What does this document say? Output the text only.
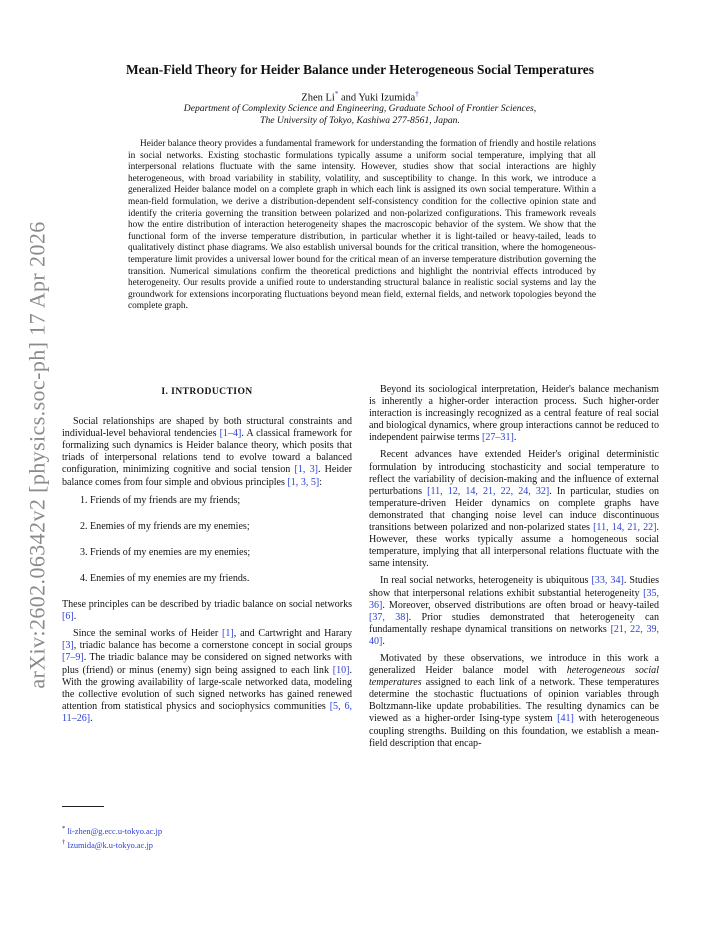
arXiv:2602.06342v2 [physics.soc-ph] 17 Apr 2026
Mean-Field Theory for Heider Balance under Heterogeneous Social Temperatures
Zhen Li* and Yuki Izumida†
Department of Complexity Science and Engineering, Graduate School of Frontier Sciences,
The University of Tokyo, Kashiwa 277-8561, Japan.

Heider balance theory provides a fundamental framework for understanding the formation of friendly and hostile relations in social networks. Existing stochastic formulations typically assume a uniform social temperature, implying that all interpersonal relations fluctuate with the same intensity. However, studies show that social interactions are highly heterogeneous, with broad variability in stability, volatility, and susceptibility to change. In this work, we introduce a generalized Heider balance model on a complete graph in which each link is assigned its own social temperature. Within a mean-field formulation, we derive a distribution-dependent self-consistency condition for the collective opinion state and identify the criteria governing the transition between polarized and non-polarized configurations. This framework reveals how the entire distribution of interaction heterogeneity shapes the macroscopic behavior of the system. We show that the functional form of the inverse temperature distribution, in particular whether it is light-tailed or heavy-tailed, leads to qualitatively distinct phase diagrams. We also establish universal bounds for the critical transition, where the homogeneous-temperature limit provides a universal lower bound for the critical mean of an inverse temperature distribution governing the transition. Numerical simulations confirm the theoretical predictions and highlight the nontrivial effects introduced by heterogeneity. Our results provide a unified route to understanding structural balance in realistic social systems and lay the groundwork for extensions incorporating fluctuations beyond mean field, external fields, and network topologies beyond the complete graph.

I. INTRODUCTION

Social relationships are shaped by both structural constraints and individual-level behavioral tendencies [1–4]. A classical framework for formalizing such dynamics is Heider balance theory, which posits that triads of interpersonal relations tend to evolve toward a balanced configuration, minimizing cognitive and social tension [1, 3]. Heider balance comes from four simple and obvious principles [1, 3, 5]:

1. Friends of my friends are my friends;
2. Enemies of my friends are my enemies;
3. Friends of my enemies are my enemies;
4. Enemies of my enemies are my friends.

These principles can be described by triadic balance on social networks [6].

Since the seminal works of Heider [1], and Cartwright and Harary [3], triadic balance has become a cornerstone concept in social groups [7–9]. The triadic balance may be considered on signed networks with plus (friend) or minus (enemy) sign being assigned to each link [10]. With the growing availability of large-scale networked data, modeling the collective evolution of such signed networks has gained renewed attention from statistical physics and sociophysics communities [5, 6, 11–26].

Beyond its sociological interpretation, Heider's balance mechanism is inherently a higher-order interaction process. Such higher-order interaction is increasingly recognized as a central feature of real social and biological dynamics, where group interactions cannot be reduced to independent pairwise terms [27–31].

Recent advances have extended Heider's original deterministic formulation by introducing stochasticity and social temperature to reflect the variability of decision-making and the influence of external perturbations [11, 12, 14, 21, 22, 24, 32]. In particular, studies on temperature-driven Heider dynamics on complete graphs have demonstrated that changing noise level can induce discontinuous transitions between polarized and non-polarized states [11, 14, 21, 22]. However, these works typically assume a homogeneous social temperature, implying that all interpersonal relations fluctuate with the same intensity.

In real social networks, heterogeneity is ubiquitous [33, 34]. Studies show that interpersonal relations exhibit substantial heterogeneity [35, 36]. Moreover, observed distributions are often broad or heavy-tailed [37, 38]. Prior studies demonstrated that heterogeneity can fundamentally reshape dynamical transitions on networks [21, 22, 39, 40].

Motivated by these observations, we introduce in this work a generalized Heider balance model with heterogeneous social temperatures assigned to each link of a network. These temperatures determine the stochastic fluctuations of opinion variables through Boltzmann-like update probabilities. The resulting dynamics can be viewed as a higher-order Ising-type system [41] with heterogeneous coupling strengths. Building on this foundation, we establish a mean-field description that encap-

* li-zhen@g.ecc.u-tokyo.ac.jp
† Izumida@k.u-tokyo.ac.jp
